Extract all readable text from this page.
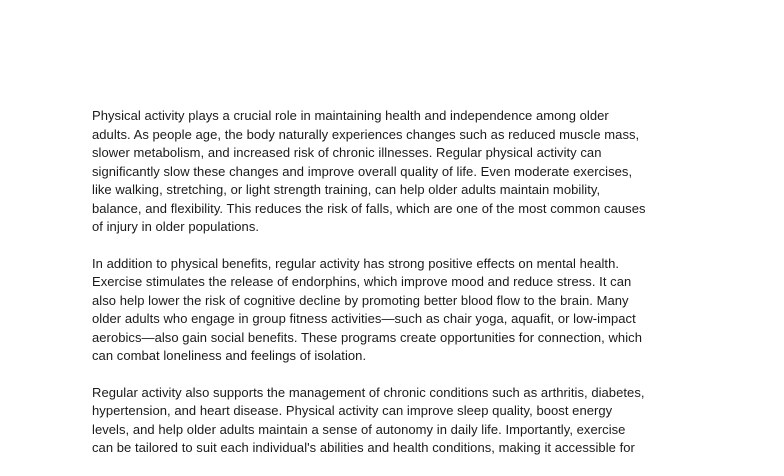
Physical activity plays a crucial role in maintaining health and independence among older
adults. As people age, the body naturally experiences changes such as reduced muscle mass,
slower metabolism, and increased risk of chronic illnesses. Regular physical activity can
significantly slow these changes and improve overall quality of life. Even moderate exercises,
like walking, stretching, or light strength training, can help older adults maintain mobility,
balance, and flexibility. This reduces the risk of falls, which are one of the most common causes
of injury in older populations.

In addition to physical benefits, regular activity has strong positive effects on mental health.
Exercise stimulates the release of endorphins, which improve mood and reduce stress. It can
also help lower the risk of cognitive decline by promoting better blood flow to the brain. Many
older adults who engage in group fitness activities—such as chair yoga, aquafit, or low-impact
aerobics—also gain social benefits. These programs create opportunities for connection, which
can combat loneliness and feelings of isolation.

Regular activity also supports the management of chronic conditions such as arthritis, diabetes,
hypertension, and heart disease. Physical activity can improve sleep quality, boost energy
levels, and help older adults maintain a sense of autonomy in daily life. Importantly, exercise
can be tailored to suit each individual's abilities and health conditions, making it accessible for
